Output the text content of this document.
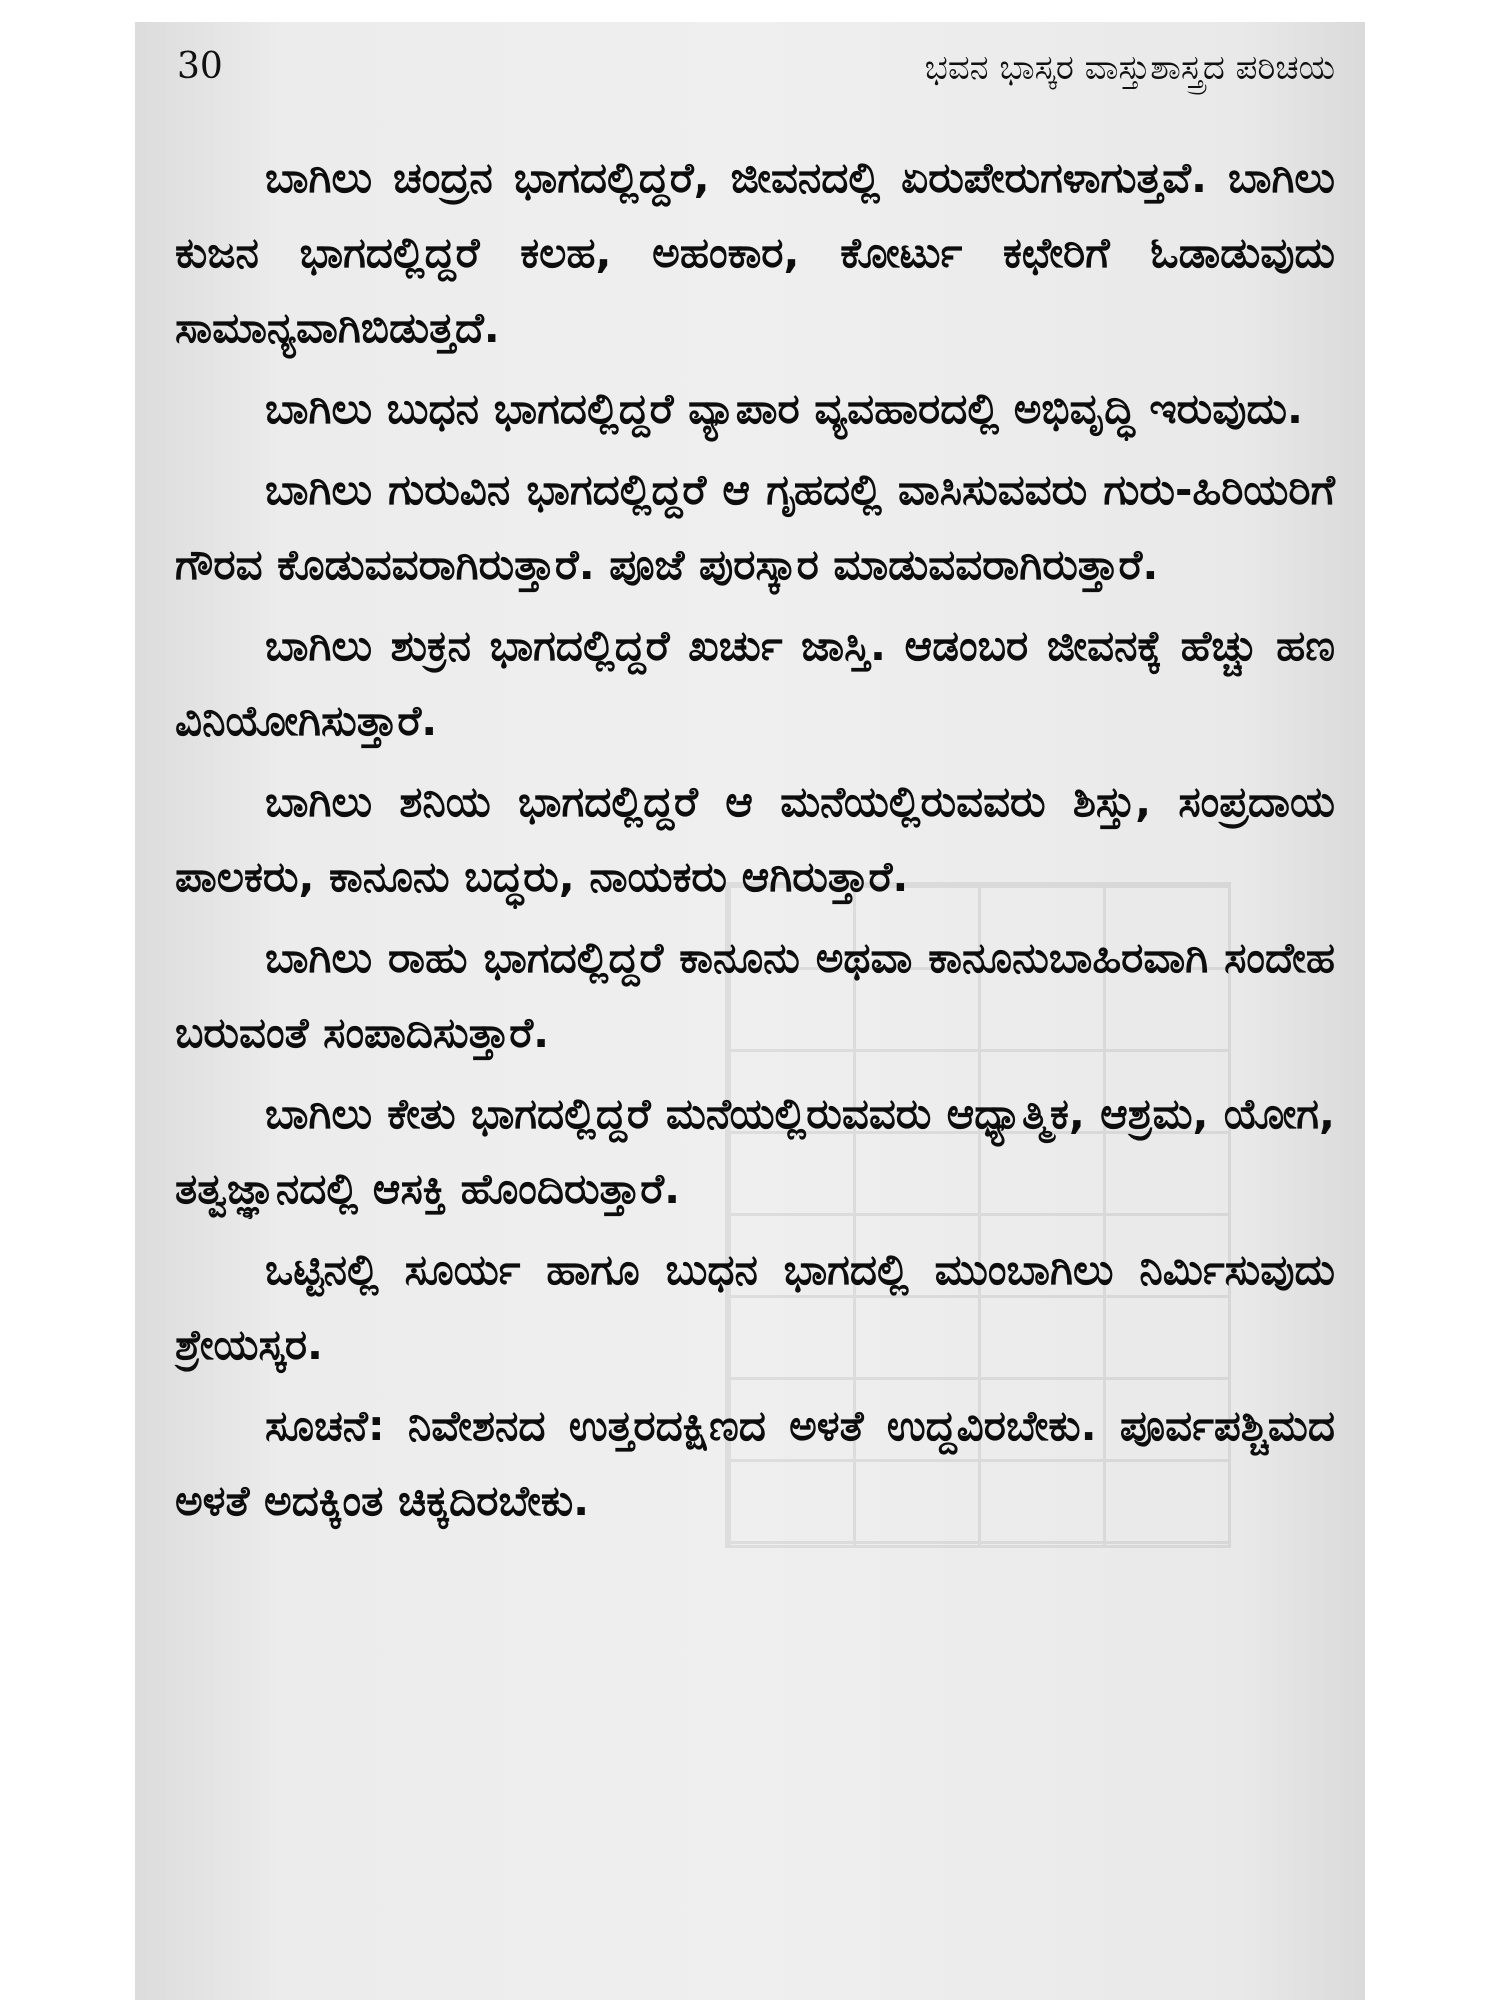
30	ಭವನ ಭಾಸ್ಕರ ವಾಸ್ತುಶಾಸ್ತ್ರದ ಪರಿಚಯ

ಬಾಗಿಲು ಚಂದ್ರನ ಭಾಗದಲ್ಲಿದ್ದರೆ, ಜೀವನದಲ್ಲಿ ಏರುಪೇರುಗಳಾಗುತ್ತವೆ. ಬಾಗಿಲು ಕುಜನ ಭಾಗದಲ್ಲಿದ್ದರೆ ಕಲಹ, ಅಹಂಕಾರ, ಕೋರ್ಟು ಕಛೇರಿಗೆ ಓಡಾಡುವುದು ಸಾಮಾನ್ಯವಾಗಿಬಿಡುತ್ತದೆ.

ಬಾಗಿಲು ಬುಧನ ಭಾಗದಲ್ಲಿದ್ದರೆ ವ್ಯಾಪಾರ ವ್ಯವಹಾರದಲ್ಲಿ ಅಭಿವೃದ್ಧಿ ಇರುವುದು.

ಬಾಗಿಲು ಗುರುವಿನ ಭಾಗದಲ್ಲಿದ್ದರೆ ಆ ಗೃಹದಲ್ಲಿ ವಾಸಿಸುವವರು ಗುರು-ಹಿರಿಯರಿಗೆ ಗೌರವ ಕೊಡುವವರಾಗಿರುತ್ತಾರೆ. ಪೂಜೆ ಪುರಸ್ಕಾರ ಮಾಡುವವರಾಗಿರುತ್ತಾರೆ.

ಬಾಗಿಲು ಶುಕ್ರನ ಭಾಗದಲ್ಲಿದ್ದರೆ ಖರ್ಚು ಜಾಸ್ತಿ. ಆಡಂಬರ ಜೀವನಕ್ಕೆ ಹೆಚ್ಚು ಹಣ ವಿನಿಯೋಗಿಸುತ್ತಾರೆ.

ಬಾಗಿಲು ಶನಿಯ ಭಾಗದಲ್ಲಿದ್ದರೆ ಆ ಮನೆಯಲ್ಲಿರುವವರು ಶಿಸ್ತು, ಸಂಪ್ರದಾಯ ಪಾಲಕರು, ಕಾನೂನು ಬದ್ಧರು, ನಾಯಕರು ಆಗಿರುತ್ತಾರೆ.

ಬಾಗಿಲು ರಾಹು ಭಾಗದಲ್ಲಿದ್ದರೆ ಕಾನೂನು ಅಥವಾ ಕಾನೂನುಬಾಹಿರವಾಗಿ ಸಂದೇಹ ಬರುವಂತೆ ಸಂಪಾದಿಸುತ್ತಾರೆ.

ಬಾಗಿಲು ಕೇತು ಭಾಗದಲ್ಲಿದ್ದರೆ ಮನೆಯಲ್ಲಿರುವವರು ಆಧ್ಯಾತ್ಮಿಕ, ಆಶ್ರಮ, ಯೋಗ, ತತ್ವಜ್ಞಾನದಲ್ಲಿ ಆಸಕ್ತಿ ಹೊಂದಿರುತ್ತಾರೆ.

ಒಟ್ಟಿನಲ್ಲಿ ಸೂರ್ಯ ಹಾಗೂ ಬುಧನ ಭಾಗದಲ್ಲಿ ಮುಂಬಾಗಿಲು ನಿರ್ಮಿಸುವುದು ಶ್ರೇಯಸ್ಕರ.

ಸೂಚನೆ: ನಿವೇಶನದ ಉತ್ತರದಕ್ಷಿಣದ ಅಳತೆ ಉದ್ದವಿರಬೇಕು. ಪೂರ್ವಪಶ್ಚಿಮದ ಅಳತೆ ಅದಕ್ಕಿಂತ ಚಿಕ್ಕದಿರಬೇಕು.
